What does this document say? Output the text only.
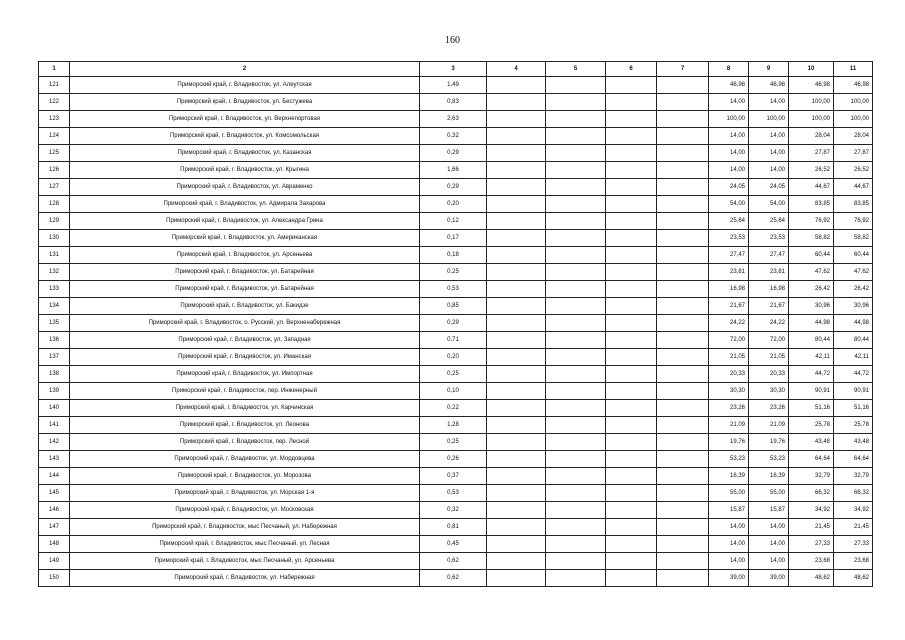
160
1	2	3	4	5	6	7	8	9	10	11
121	Приморский край, г. Владивосток, ул. Алеутская	1,49					46,98	46,98	46,98	46,98
122	Приморский край, г. Владивосток, ул. Бестужева	0,83					14,00	14,00	100,00	100,00
123	Приморский край, г. Владивосток, ул. Верхнепортовая	2,63					100,00	100,00	100,00	100,00
124	Приморский край, г. Владивосток, ул. Комсомольская	0,32					14,00	14,00	28,04	28,04
125	Приморский край, г. Владивосток, ул. Казанская	0,29					14,00	14,00	27,87	27,87
126	Приморский край, г. Владивосток, ул. Крыгина	1,66					14,00	14,00	26,52	26,52
127	Приморский край, г. Владивосток, ул. Авраменко	0,29					24,05	24,05	44,67	44,67
128	Приморский край, г. Владивосток, ул. Адмирала Захарова	0,20					54,00	54,00	83,85	83,85
129	Приморский край, г. Владивосток, ул. Александра Грина	0,12					25,64	25,64	76,92	76,92
130	Приморский край, г. Владивосток, ул. Американская	0,17					23,53	23,53	58,82	58,82
131	Приморский край, г. Владивосток, ул. Арсеньева	0,18					27,47	27,47	60,44	60,44
132	Приморский край, г. Владивосток, ул. Батарейная	0,25					23,81	23,81	47,62	47,62
133	Приморский край, г. Владивосток, ул. Батарейная	0,53					16,98	16,98	26,42	26,42
134	Приморский край, г. Владивосток, ул. Бакидзе	0,85					21,67	21,67	30,96	30,96
135	Приморский край, г. Владивосток, о. Русский, ул. Верхненабережная	0,29					24,22	24,22	44,98	44,98
136	Приморский край, г. Владивосток, ул. Западная	0,71					72,00	72,00	80,44	80,44
137	Приморский край, г. Владивосток, ул. Иманская	0,20					21,05	21,05	42,11	42,11
138	Приморский край, г. Владивосток, ул. Импортная	0,25					20,33	20,33	44,72	44,72
139	Приморский край, г. Владивосток, пер. Инженерный	0,10					30,30	30,30	90,91	90,91
140	Приморский край, г. Владивосток, ул. Карчинская	0,22					23,26	23,26	51,16	51,16
141	Приморский край, г. Владивосток, ул. Леонова	1,28					21,09	21,09	25,78	25,78
142	Приморский край, г. Владивосток, пер. Лесной	0,25					19,76	19,76	43,48	43,48
143	Приморский край, г. Владивосток, ул. Мордовцева	0,26					53,23	53,23	64,64	64,64
144	Приморский край, г. Владивосток, ул. Морозова	0,37					16,39	16,39	32,79	32,79
145	Приморский край, г. Владивосток, ул. Морская 1-я	0,53					55,00	55,00	66,32	66,32
146	Приморский край, г. Владивосток, ул. Московская	0,32					15,87	15,87	34,92	34,92
147	Приморский край, г. Владивосток, мыс Песчаный, ул. Набережная	0,81					14,00	14,00	21,45	21,45
148	Приморский край, г. Владивосток, мыс Песчаный, ул. Лесная	0,45					14,00	14,00	27,33	27,33
149	Приморский край, г. Владивосток, мыс Песчаный, ул. Арсеньева	0,62					14,00	14,00	23,68	23,68
150	Приморский край, г. Владивосток, ул. Набережная	0,62					39,00	39,00	48,62	48,62
